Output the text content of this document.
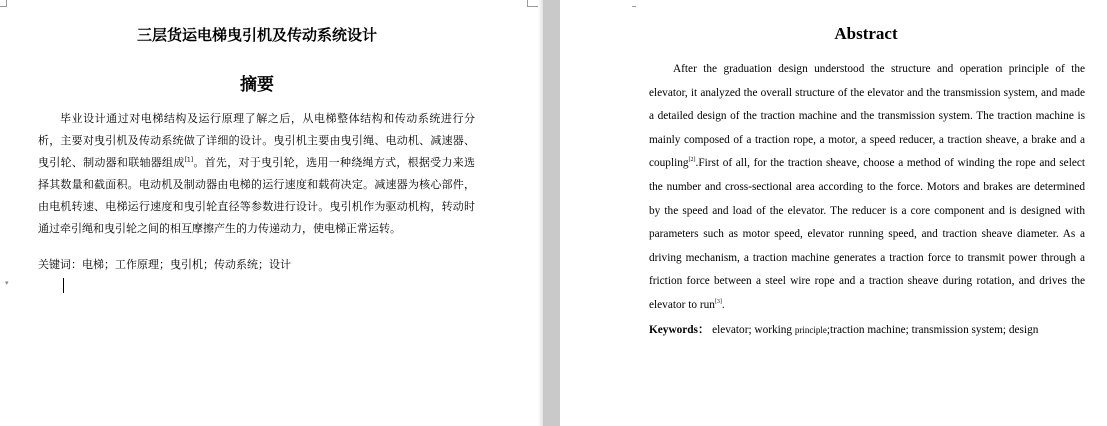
三层货运电梯曳引机及传动系统设计
摘要

毕业设计通过对电梯结构及运行原理了解之后，从电梯整体结构和传动系统进行分析，主要对曳引机及传动系统做了详细的设计。曳引机主要由曳引绳、电动机、减速器、曳引轮、制动器和联轴器组成[1]。首先，对于曳引轮，选用一种绕绳方式，根据受力来选择其数量和截面积。电动机及制动器由电梯的运行速度和载荷决定。减速器为核心部件，由电机转速、电梯运行速度和曳引轮直径等参数进行设计。曳引机作为驱动机构，转动时通过牵引绳和曳引轮之间的相互摩擦产生的力传递动力，使电梯正常运转。

关键词：电梯；工作原理；曳引机；传动系统；设计

▾
Abstract

After the graduation design understood the structure and operation principle of the elevator, it analyzed the overall structure of the elevator and the transmission system, and made a detailed design of the traction machine and the transmission system. The traction machine is mainly composed of a traction rope, a motor, a speed reducer, a traction sheave, a brake and a coupling[2].First of all, for the traction sheave, choose a method of winding the rope and select the number and cross-sectional area according to the force. Motors and brakes are determined by the speed and load of the elevator. The reducer is a core component and is designed with parameters such as motor speed, elevator running speed, and traction sheave diameter. As a driving mechanism, a traction machine generates a traction force to transmit power through a friction force between a steel wire rope and a traction sheave during rotation, and drives the elevator to run[3].

Keywords： elevator; working principle;traction machine; transmission system; design
